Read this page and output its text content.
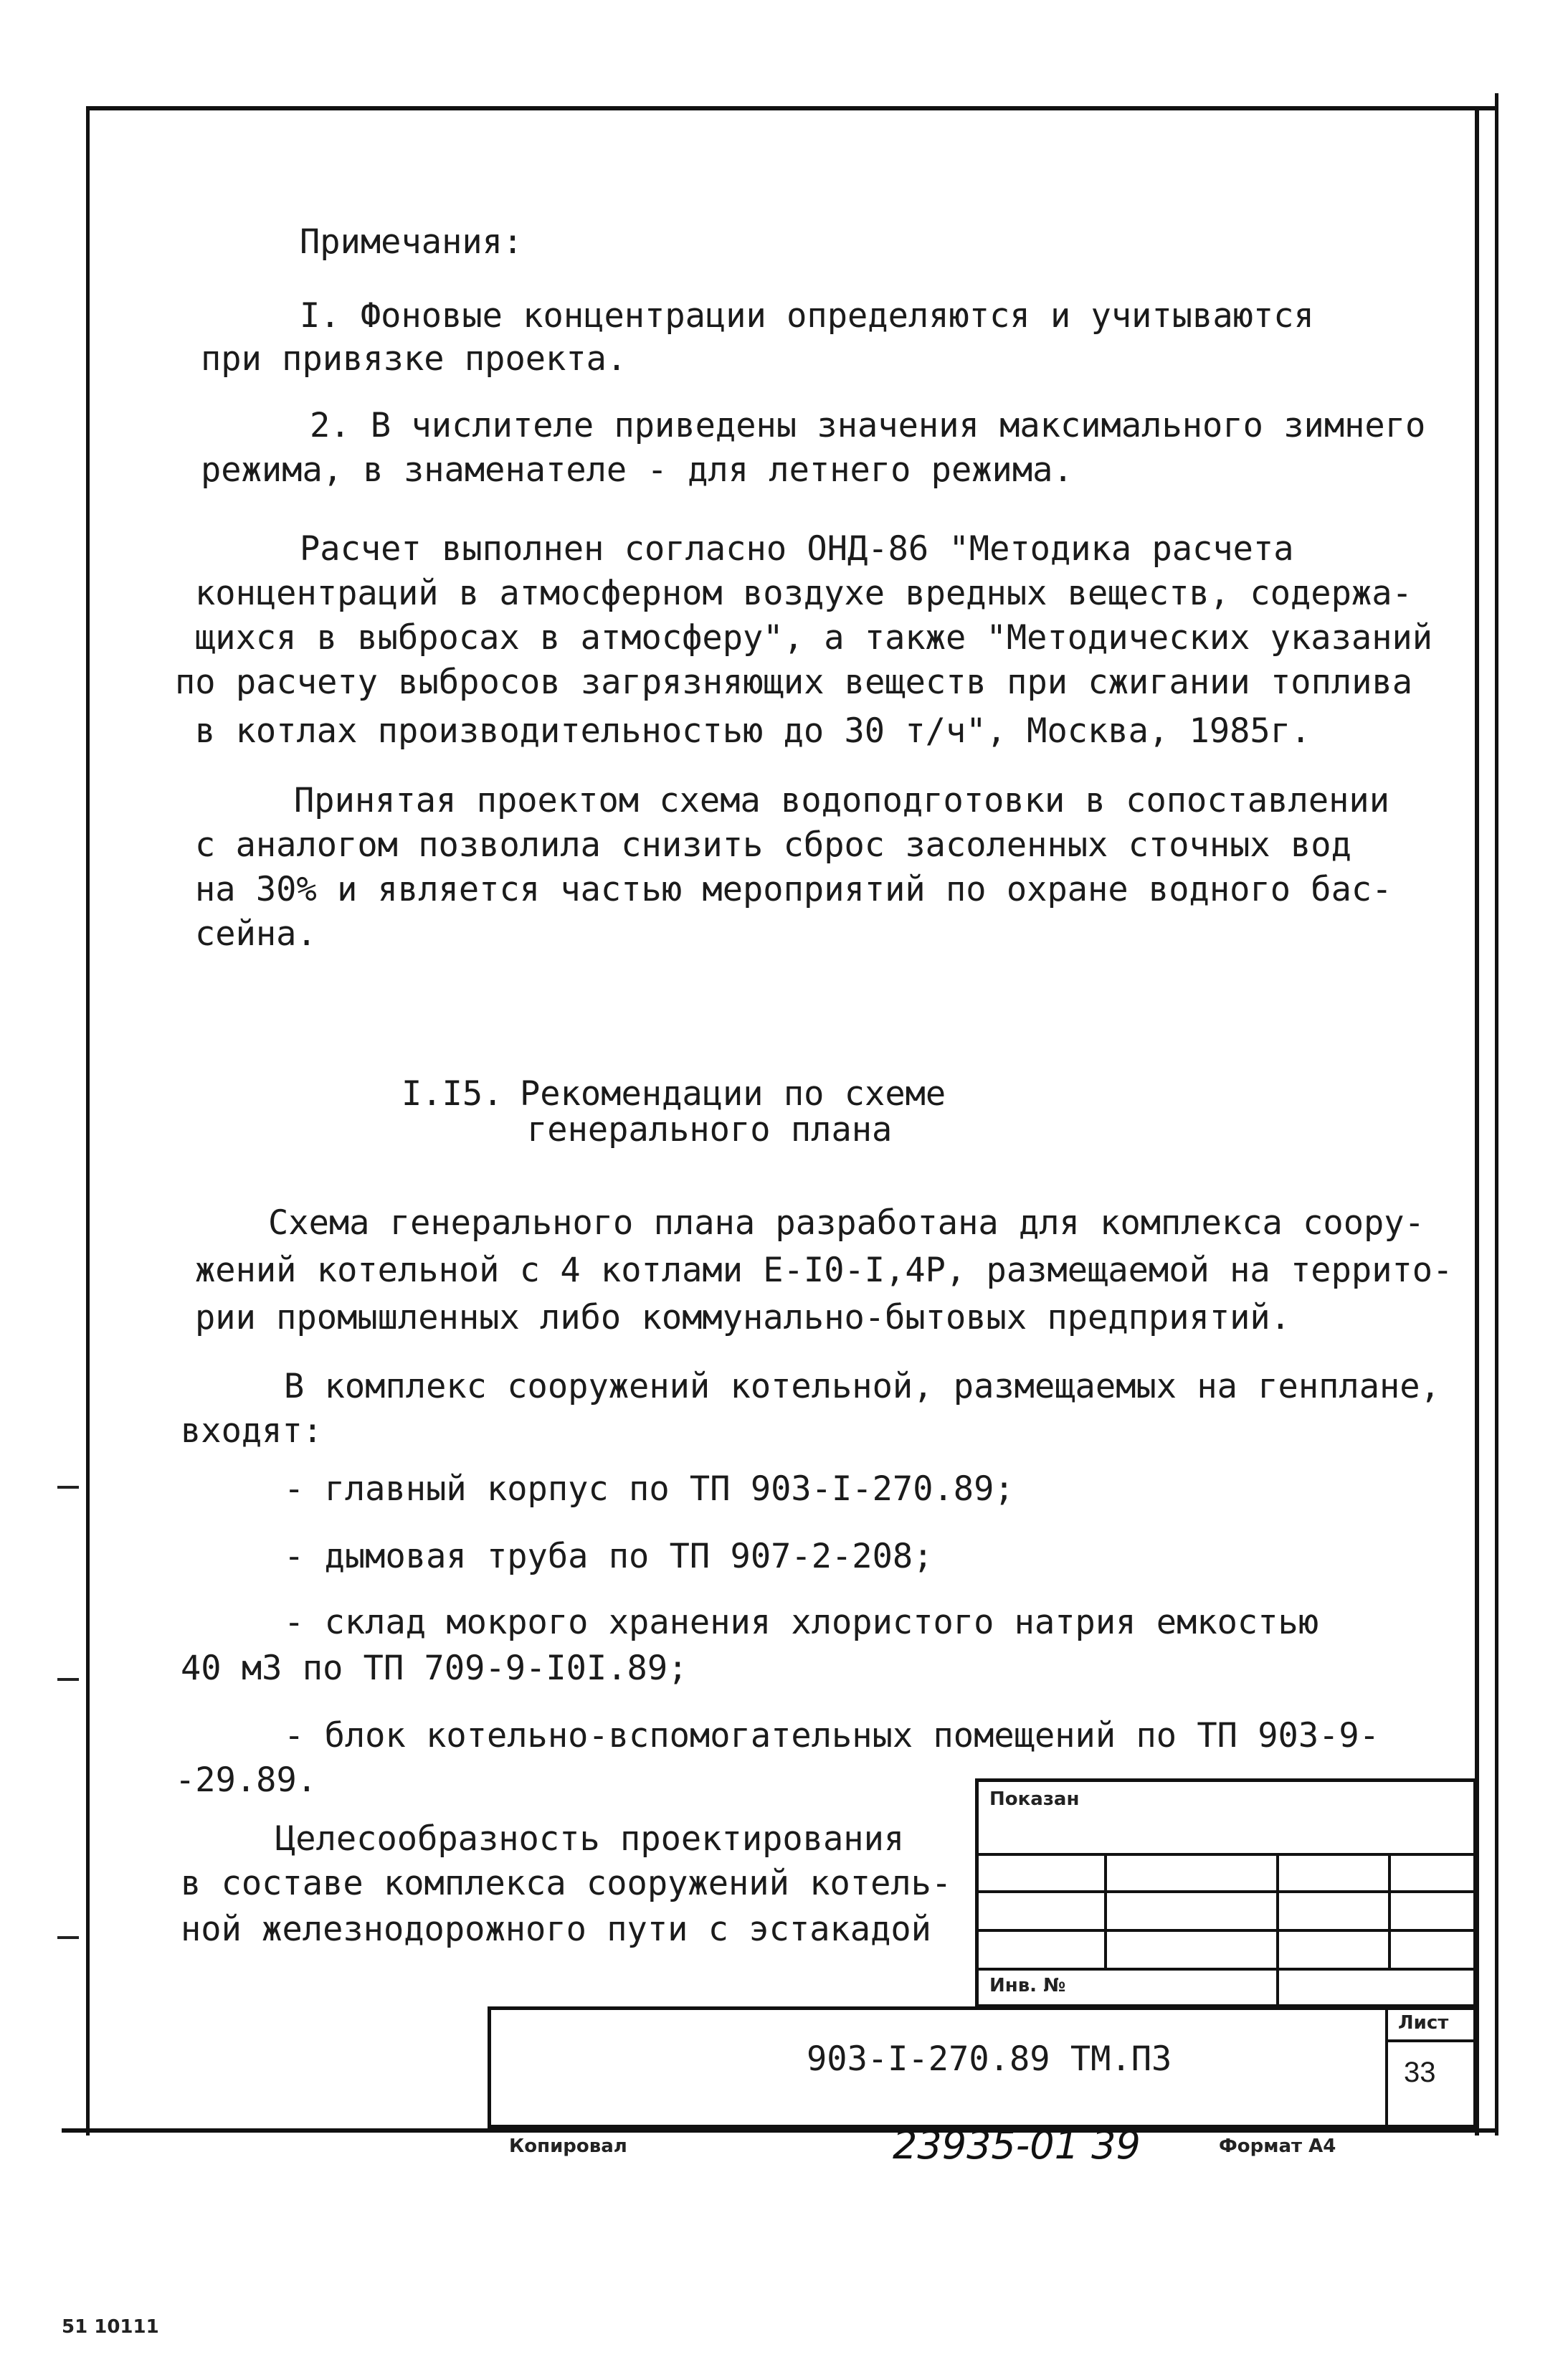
Примечания:
I. Фоновые концентрации определяются и учитываются
при привязке проекта.
2. В числителе приведены значения максимального зимнего
режима, в знаменателе - для летнего режима.
Расчет выполнен согласно ОНД-86 "Методика расчета
концентраций в атмосферном воздухе вредных веществ, содержа-
щихся в выбросах в атмосферу", а также "Методических указаний
по расчету выбросов загрязняющих веществ при сжигании топлива
в котлах производительностью до 30 т/ч", Москва, 1985г.
Принятая проектом схема водоподготовки в сопоставлении
с аналогом позволила снизить сброс засоленных сточных вод
на 30% и является частью мероприятий по охране водного бас-
сейна.
I.I5. Рекомендации по схеме
генерального плана
Схема генерального плана разработана для комплекса соору-
жений котельной с 4 котлами Е-I0-I,4Р, размещаемой на террито-
рии промышленных либо коммунально-бытовых предприятий.
В комплекс сооружений котельной, размещаемых на генплане,
входят:
- главный корпус по ТП 903-I-270.89;
- дымовая труба по ТП 907-2-208;
- склад мокрого хранения хлористого натрия емкостью
40 м3 по ТП 709-9-I0I.89;
- блок котельно-вспомогательных помещений по ТП 903-9-
-29.89.
Целесообразность проектирования
в составе комплекса сооружений котель-
ной железнодорожного пути с эстакадой
Показан
Инв. №
903-I-270.89 ТМ.ПЗ
Лист
33
Копировал	23935-01 39	Формат А4
51 10111
